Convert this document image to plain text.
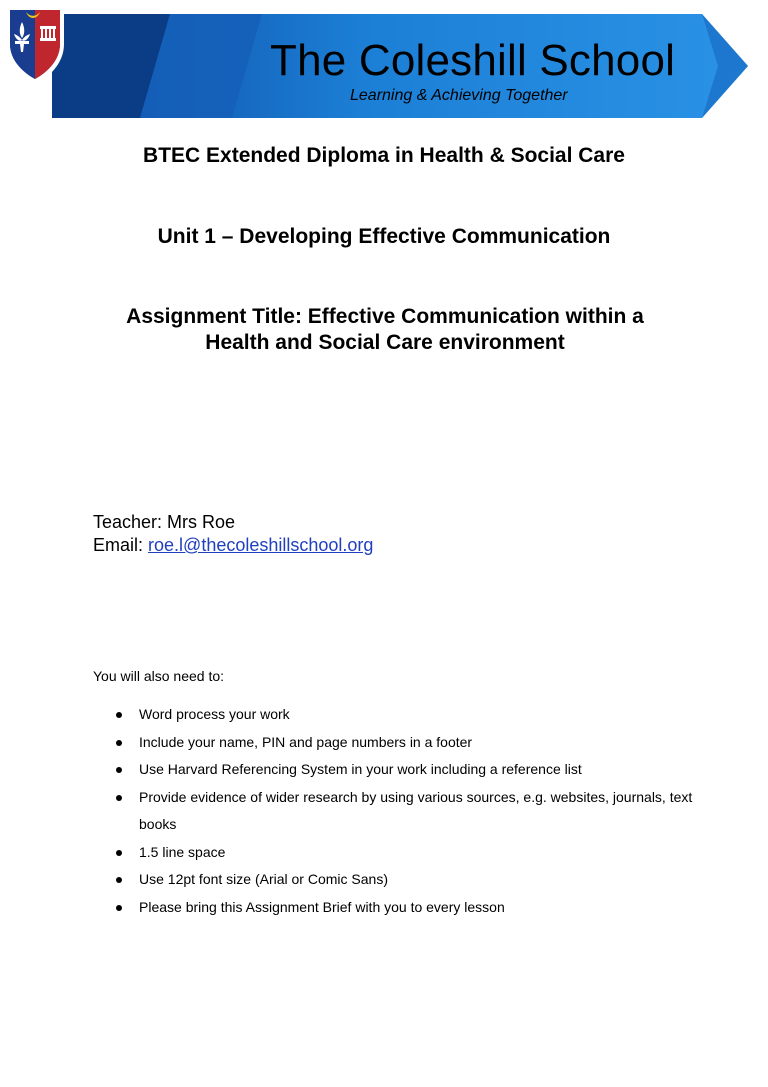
The Coleshill School
Learning & Achieving Together
BTEC Extended Diploma in Health & Social Care
Unit 1 – Developing Effective Communication
Assignment Title: Effective Communication within a
Health and Social Care environment
Teacher: Mrs Roe
Email: roe.l@thecoleshillschool.org
You will also need to:
Word process your work
Include your name, PIN and page numbers in a footer
Use Harvard Referencing System in your work including a reference list
Provide evidence of wider research by using various sources, e.g. websites, journals, text books
1.5 line space
Use 12pt font size (Arial or Comic Sans)
Please bring this Assignment Brief with you to every lesson
